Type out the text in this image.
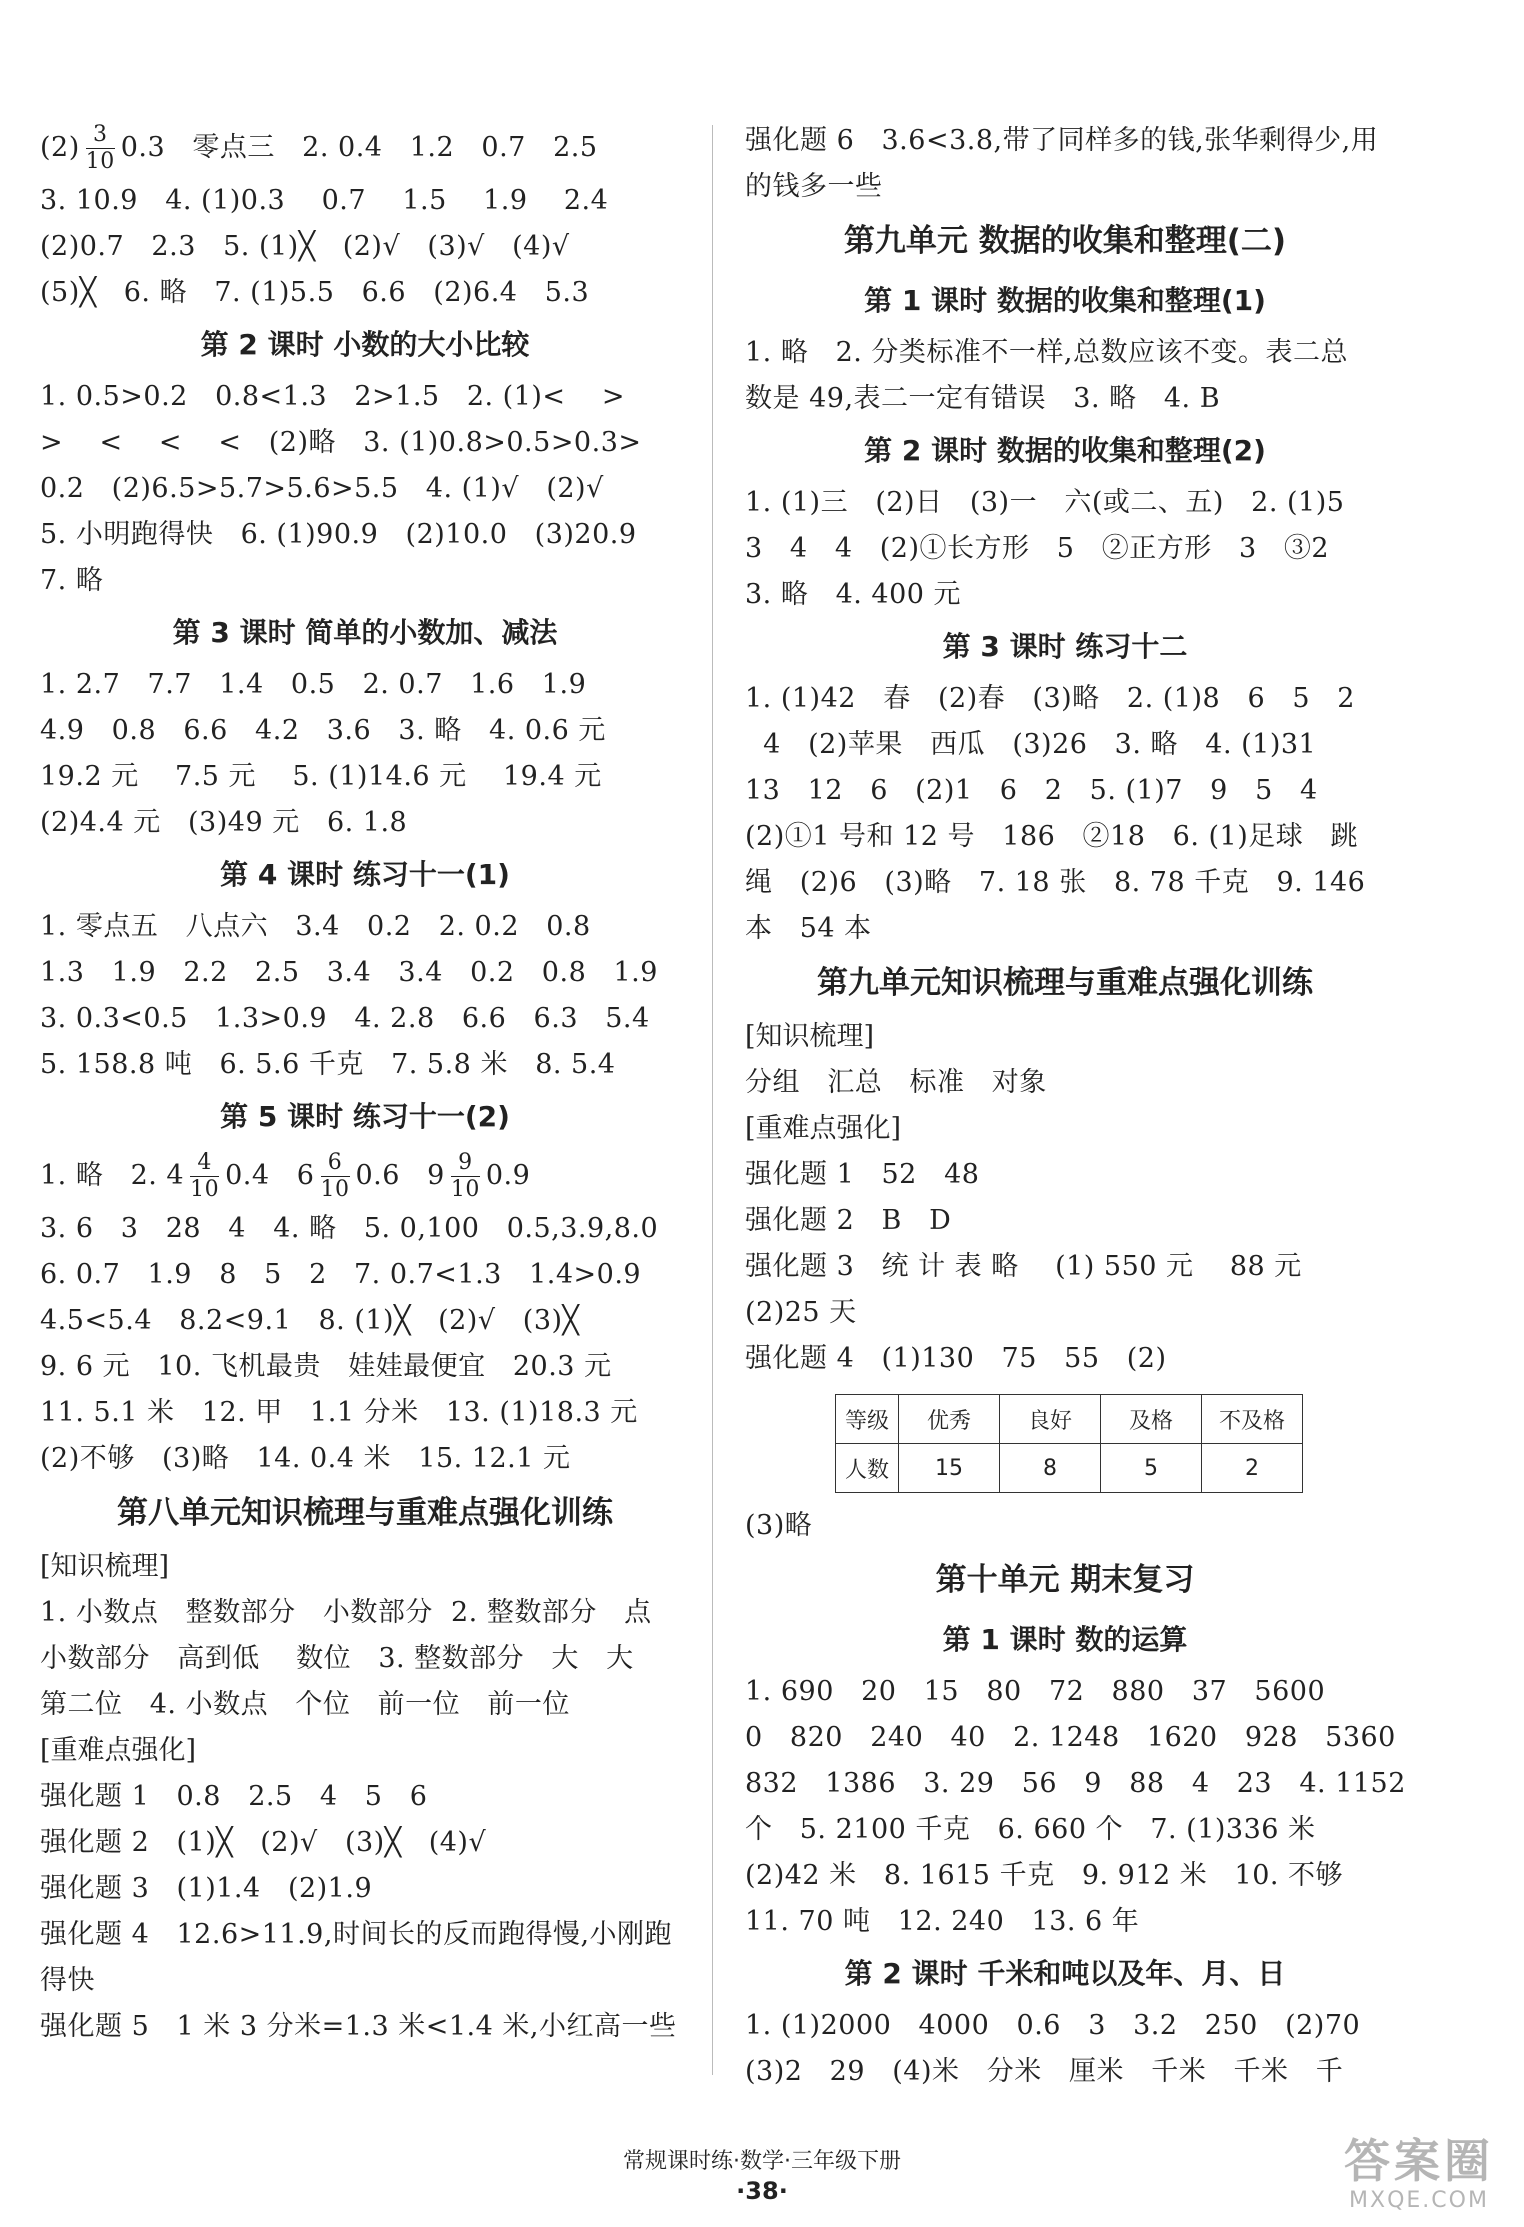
$(2) \frac{3}{10} 0.3$   零点三   2. 0.4   1.2   0.7   2.5
3. 10.9   4. (1)0.3    0.7    1.5    1.9    2.4
(2)0.7   2.3   5. (1)╳   (2)√   (3)√   (4)√
(5)╳   6. 略   7. (1)5.5   6.6   (2)6.4   5.3
第 2 课时 小数的大小比较
1. 0.5>0.2   0.8<1.3   2>1.5   2. (1)<    >
>    <    <    <   (2)略   3. (1)0.8>0.5>0.3>
0.2   (2)6.5>5.7>5.6>5.5   4. (1)√   (2)√
5. 小明跑得快   6. (1)90.9   (2)10.0   (3)20.9
7. 略
第 3 课时 简单的小数加、减法
1. 2.7   7.7   1.4   0.5   2. 0.7   1.6   1.9
4.9   0.8   6.6   4.2   3.6   3. 略   4. 0.6 元
19.2 元    7.5 元    5. (1)14.6 元    19.4 元
(2)4.4 元   (3)49 元   6. 1.8
第 4 课时 练习十一(1)
1. 零点五   八点六   3.4   0.2   2. 0.2   0.8
1.3   1.9   2.2   2.5   3.4   3.4   0.2   0.8   1.9
3. 0.3<0.5   1.3>0.9   4. 2.8   6.6   6.3   5.4
5. 158.8 吨   6. 5.6 千克   7. 5.8 米   8. 5.4
第 5 课时 练习十一(2)
1. 略   2. $4 \frac{4}{10} 0.4$   $6 \frac{6}{10} 0.6$   $9 \frac{9}{10} 0.9$
3. 6   3   28   4   4. 略   5. 0,100   0.5,3.9,8.0
6. 0.7   1.9   8   5   2   7. 0.7<1.3   1.4>0.9
4.5<5.4   8.2<9.1   8. (1)╳   (2)√   (3)╳
9. 6 元   10. 飞机最贵   娃娃最便宜   20.3 元
11. 5.1 米   12. 甲   1.1 分米   13. (1)18.3 元
(2)不够   (3)略   14. 0.4 米   15. 12.1 元
第八单元知识梳理与重难点强化训练
[知识梳理]
1. 小数点   整数部分   小数部分  2. 整数部分   点
小数部分   高到低    数位   3. 整数部分   大   大
第二位   4. 小数点   个位   前一位   前一位
[重难点强化]
强化题 1   0.8   2.5   4   5   6
强化题 2   (1)╳   (2)√   (3)╳   (4)√
强化题 3   (1)1.4   (2)1.9
强化题 4   12.6>11.9,时间长的反而跑得慢,小刚跑
得快
强化题 5   1 米 3 分米=1.3 米<1.4 米,小红高一些
强化题 6   3.6<3.8,带了同样多的钱,张华剩得少,用
的钱多一些
第九单元 数据的收集和整理(二)
第 1 课时 数据的收集和整理(1)
1. 略   2. 分类标准不一样,总数应该不变。表二总
数是 49,表二一定有错误   3. 略   4. B
第 2 课时 数据的收集和整理(2)
1. (1)三   (2)日   (3)一   六(或二、五)   2. (1)5
3   4   4   (2)①长方形   5   ②正方形   3   ③2
3. 略   4. 400 元
第 3 课时 练习十二
1. (1)42   春   (2)春   (3)略   2. (1)8   6   5   2
4   (2)苹果   西瓜   (3)26   3. 略   4. (1)31
13   12   6   (2)1   6   2   5. (1)7   9   5   4
(2)①1 号和 12 号   186   ②18   6. (1)足球   跳
绳   (2)6   (3)略   7. 18 张   8. 78 千克   9. 146
本   54 本
第九单元知识梳理与重难点强化训练
[知识梳理]
分组   汇总   标准   对象
[重难点强化]
强化题 1   52   48
强化题 2   B   D
强化题 3   统 计 表 略    (1) 550 元    88 元
(2)25 天
强化题 4   (1)130   75   55   (2)
等级	优秀	良好	及格	不及格
人数	15	8	5	2
(3)略
第十单元 期末复习
第 1 课时 数的运算
1. 690   20   15   80   72   880   37   5600
0   820   240   40   2. 1248   1620   928   5360
832   1386   3. 29   56   9   88   4   23   4. 1152
个   5. 2100 千克   6. 660 个   7. (1)336 米
(2)42 米   8. 1615 千克   9. 912 米   10. 不够
11. 70 吨   12. 240   13. 6 年
第 2 课时 千米和吨以及年、月、日
1. (1)2000   4000   0.6   3   3.2   250   (2)70
(3)2   29   (4)米   分米   厘米   千米   千米   千
常规课时练·数学·三年级下册
·38·
答案圈
MXQE.COM
